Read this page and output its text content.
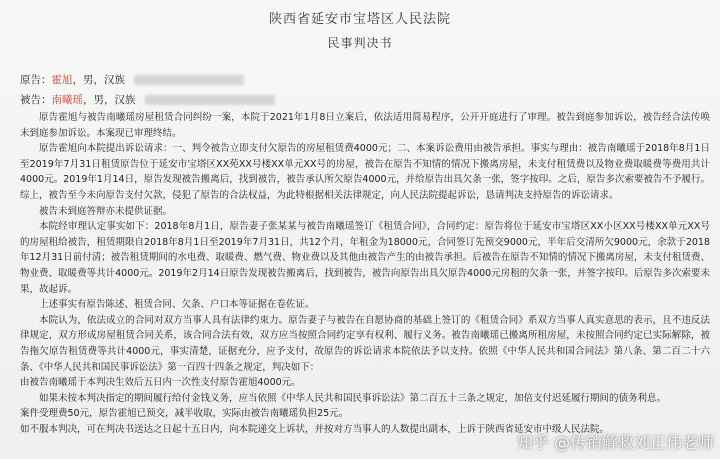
陕西省延安市宝塔区人民法院
民事判决书
原告：霍旭，男，汉族
被告：南曦瑶，男，汉族

原告霍旭与被告南曦瑶房屋租赁合同纠纷一案，本院于2021年1月8日立案后，依法适用简易程序，公开开庭进行了审理。被告到庭参加诉讼，被告经合法传唤未到庭参加诉讼。本案现已审理终结。

原告霍旭向本院提出诉讼请求：一、判令被告立即支付欠原告的房屋租赁费4000元；二、本案诉讼费用由被告承担。事实与理由：被告南曦瑶于2018年8月1日至2019年7月31日租赁原告位于延安市宝塔区XX苑XX号楼XX单元XX号的房屋，被告在原告不知情的情况下搬离房屋，未支付租赁费以及物业费取暖费等费用共计4000元。2019年1月14日，原告发现被告搬离后，找到被告，被告承认所欠原告4000元，并给原告出具欠条一张，签字按印。之后，原告多次索要被告不予履行。综上，被告至今未向原告支付欠款，侵犯了原告的合法权益，为此特根据相关法律规定，向人民法院提起诉讼，恳请判决支持原告的诉讼请求。

被告未到庭答辩亦未提供证据。

本院经审理认定事实如下：2018年8月1日，原告妻子张某某与被告南曦瑶签订《租赁合同》，合同约定：原告将位于延安市宝塔区XX小区XX号楼XX单元XX号的房屋租给被告，租赁期限自2018年8月1日至2019年7月31日，共12个月，年租金为18000元，合同签订先预交9000元，半年后交清所欠9000元，余款于2018年12月31日前付清；被告租赁期间的水电费、取暖费、燃气费、物业费以及其他由被告产生的由被告承担。后被告在原告不知情的情况下搬离房屋，未支付租赁费、物业费、取暖费等共计4000元。2019年2月14日原告发现被告搬离后，找到被告，被告向原告出具欠原告4000元房租的欠条一张，并签字按印。后原告多次索要未果，故起诉。

上述事实有原告陈述、租赁合同、欠条、户口本等证据在卷佐证。

本院认为，依法成立的合同对双方当事人具有法律约束力。原告妻子与被告在自愿协商的基础上签订的《租赁合同》系双方当事人真实意思的表示，且不违反法律规定，双方形成房屋租赁合同关系，该合同合法有效，双方应当按照合同约定享有权利、履行义务。被告南曦瑶已搬离所租房屋，未按照合同约定已实际解除，被告拖欠原告租赁费等共计4000元，事实清楚，证据充分，应予支付，故原告的诉讼请求本院依法予以支持。依照《中华人民共和国合同法》第八条、第二百二十六条、《中华人民共和国民事诉讼法》第一百四十四条之规定，判决如下：

由被告南曦瑶于本判决生效后五日内一次性支付原告霍旭4000元。

如果未按本判决指定的期间履行给付金钱义务，应当依照《中华人民共和国民事诉讼法》第二百五十三条之规定，加倍支付迟延履行期间的债务利息。

案件受理费50元，原告霍旭已预交，减半收取，实际由被告南曦瑶负担25元。

如不服本判决，可在判决书送达之日起十五日内，向本院递交上诉状，并按对方当事人的人数提出副本，上诉于陕西省延安市中级人民法院。

知乎 @传销解救刘正伟老师
